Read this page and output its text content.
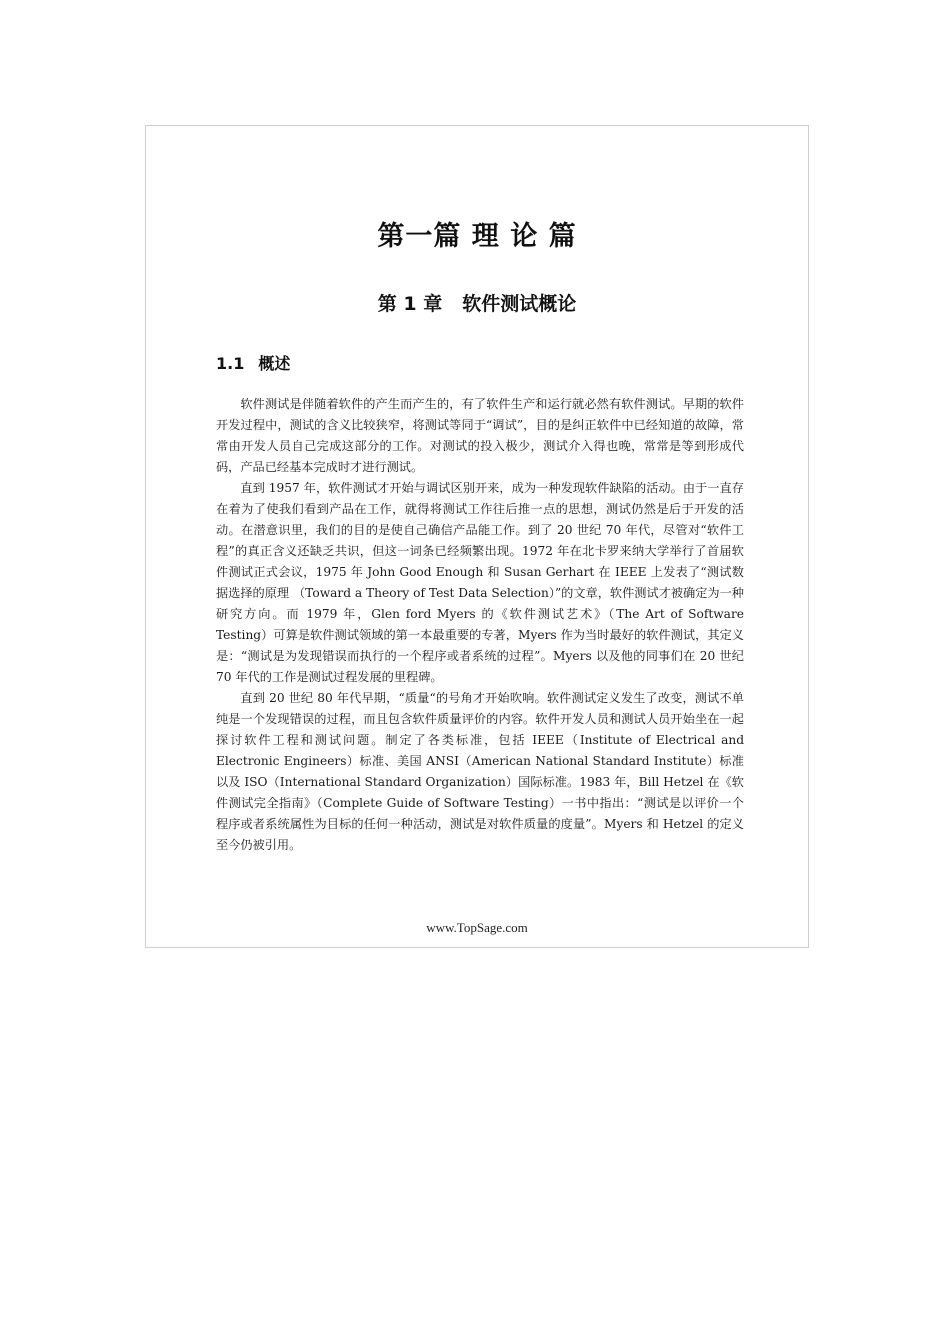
第一篇 理 论 篇
第 1 章 软件测试概论
1.1 概述

软件测试是伴随着软件的产生而产生的，有了软件生产和运行就必然有软件测试。早期的软件开发过程中，测试的含义比较狭窄，将测试等同于“调试”，目的是纠正软件中已经知道的故障，常常由开发人员自己完成这部分的工作。对测试的投入极少，测试介入得也晚，常常是等到形成代码，产品已经基本完成时才进行测试。

直到 1957 年，软件测试才开始与调试区别开来，成为一种发现软件缺陷的活动。由于一直存在着为了使我们看到产品在工作，就得将测试工作往后推一点的思想，测试仍然是后于开发的活动。在潜意识里，我们的目的是使自己确信产品能工作。到了 20 世纪 70 年代，尽管对“软件工程”的真正含义还缺乏共识，但这一词条已经频繁出现。1972 年在北卡罗来纳大学举行了首届软件测试正式会议，1975 年 John Good Enough 和 Susan Gerhart 在 IEEE 上发表了“测试数据选择的原理 （Toward a Theory of Test Data Selection）”的文章，软件测试才被确定为一种研究方向。而 1979 年，Glen ford Myers 的《软件测试艺术》（The Art of Software Testing）可算是软件测试领域的第一本最重要的专著，Myers 作为当时最好的软件测试，其定义是：“测试是为发现错误而执行的一个程序或者系统的过程”。Myers 以及他的同事们在 20 世纪 70 年代的工作是测试过程发展的里程碑。

直到 20 世纪 80 年代早期，“质量“的号角才开始吹响。软件测试定义发生了改变，测试不单纯是一个发现错误的过程，而且包含软件质量评价的内容。软件开发人员和测试人员开始坐在一起探讨软件工程和测试问题。制定了各类标准，包括 IEEE（Institute of Electrical and Electronic Engineers）标准、美国 ANSI（American National Standard Institute）标准以及 ISO（International Standard Organization）国际标准。1983 年，Bill Hetzel 在《软件测试完全指南》（Complete Guide of Software Testing）一书中指出：“测试是以评价一个程序或者系统属性为目标的任何一种活动，测试是对软件质量的度量”。Myers 和 Hetzel 的定义至今仍被引用。

www.TopSage.com
